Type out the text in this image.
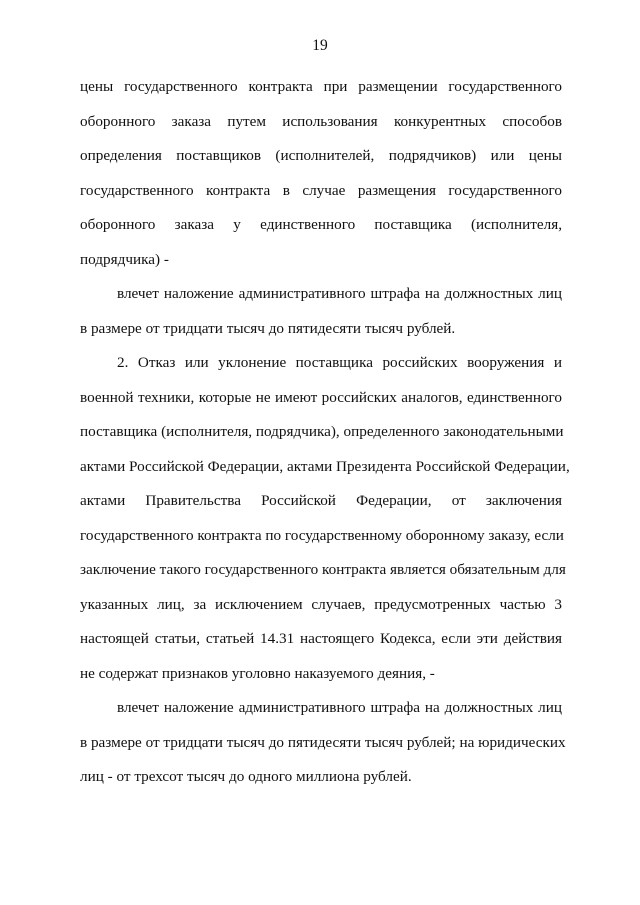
19
цены государственного контракта при размещении государственного
оборонного заказа путем использования конкурентных способов
определения поставщиков (исполнителей, подрядчиков) или цены
государственного контракта в случае размещения государственного
оборонного заказа у единственного поставщика (исполнителя,
подрядчика) -
влечет наложение административного штрафа на должностных лиц
в размере от тридцати тысяч до пятидесяти тысяч рублей.
2. Отказ или уклонение поставщика российских вооружения и
военной техники, которые не имеют российских аналогов, единственного
поставщика (исполнителя, подрядчика), определенного законодательными
актами Российской Федерации, актами Президента Российской Федерации,
актами Правительства Российской Федерации, от заключения
государственного контракта по государственному оборонному заказу, если
заключение такого государственного контракта является обязательным для
указанных лиц, за исключением случаев, предусмотренных частью 3
настоящей статьи, статьей 14.31 настоящего Кодекса, если эти действия
не содержат признаков уголовно наказуемого деяния, -
влечет наложение административного штрафа на должностных лиц
в размере от тридцати тысяч до пятидесяти тысяч рублей; на юридических
лиц - от трехсот тысяч до одного миллиона рублей.
